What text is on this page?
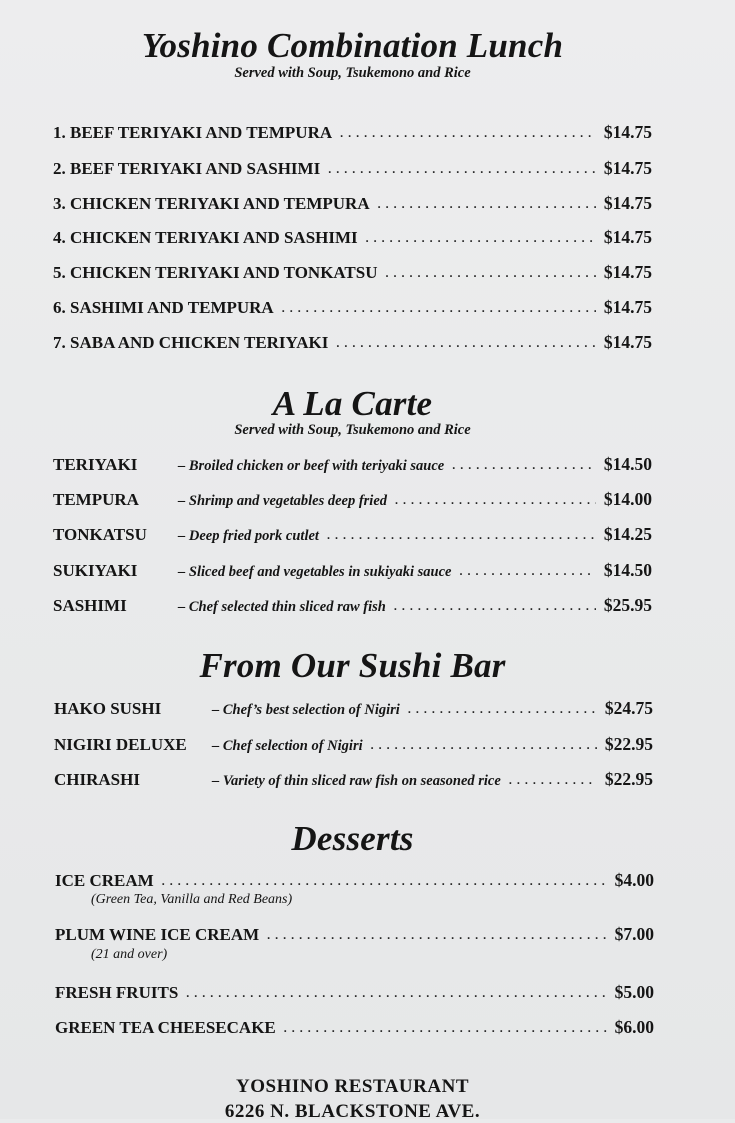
Yoshino Combination Lunch
Served with Soup, Tsukemono and Rice
1. BEEF TERIYAKI AND TEMPURA . . .	$14.75
2. BEEF TERIYAKI AND SASHIMI . . .	$14.75
3. CHICKEN TERIYAKI AND TEMPURA . . .	$14.75
4. CHICKEN TERIYAKI AND SASHIMI . . .	$14.75
5. CHICKEN TERIYAKI AND TONKATSU . . .	$14.75
6. SASHIMI AND TEMPURA . . .	$14.75
7. SABA AND CHICKEN TERIYAKI . . .	$14.75
A La Carte
Served with Soup, Tsukemono and Rice
TERIYAKI	– Broiled chicken or beef with teriyaki sauce . . .	$14.50
TEMPURA	– Shrimp and vegetables deep fried . . .	$14.00
TONKATSU	– Deep fried pork cutlet . . .	$14.25
SUKIYAKI	– Sliced beef and vegetables in sukiyaki sauce . . .	$14.50
SASHIMI	– Chef selected thin sliced raw fish . . .	$25.95
From Our Sushi Bar
HAKO SUSHI	– Chef’s best selection of Nigiri . . .	$24.75
NIGIRI DELUXE	– Chef selection of Nigiri . . .	$22.95
CHIRASHI	– Variety of thin sliced raw fish on seasoned rice . . .	$22.95
Desserts
ICE CREAM . . .	$4.00
(Green Tea, Vanilla and Red Beans)
PLUM WINE ICE CREAM . . .	$7.00
(21 and over)
FRESH FRUITS . . .	$5.00
GREEN TEA CHEESECAKE . . .	$6.00
YOSHINO RESTAURANT
6226 N. BLACKSTONE AVE.
